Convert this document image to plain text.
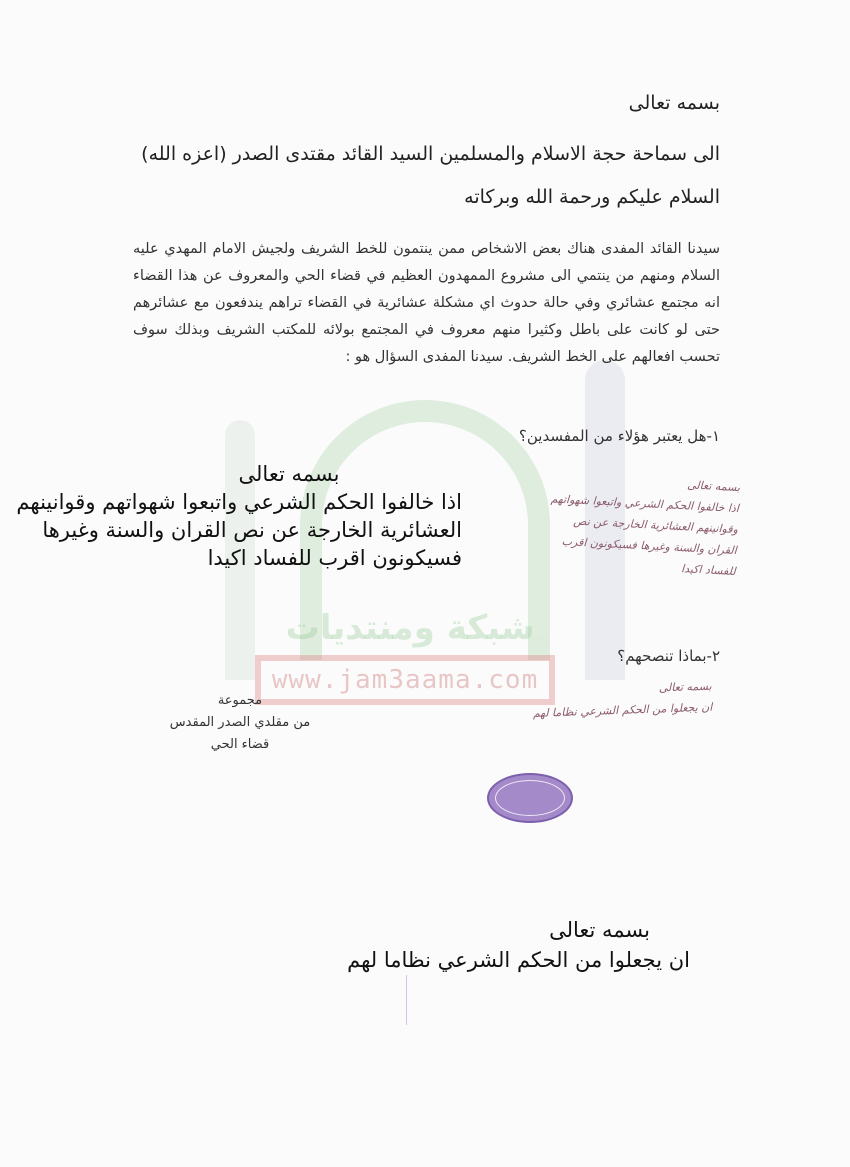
شبكة ومنتديات
www.jam3aama.com
بسمه تعالى
الى سماحة حجة الاسلام والمسلمين السيد القائد مقتدى الصدر (اعزه الله)
السلام عليكم ورحمة الله وبركاته
سيدنا القائد المفدى هناك بعض الاشخاص ممن ينتمون للخط الشريف ولجيش الامام المهدي عليه السلام ومنهم من ينتمي الى مشروع الممهدون العظيم في قضاء الحي والمعروف عن هذا القضاء انه مجتمع عشائري وفي حالة حدوث اي مشكلة عشائرية في القضاء تراهم يندفعون مع عشائرهم حتى لو كانت على باطل وكثيرا منهم معروف في المجتمع بولائه للمكتب الشريف وبذلك سوف تحسب افعالهم على الخط الشريف. سيدنا المفدى السؤال هو :
١-هل يعتبر هؤلاء من المفسدين؟
بسمه تعالى
اذا خالفوا الحكم الشرعي واتبعوا شهواتهم وقوانينهم العشائرية الخارجة عن نص القران والسنة وغيرها فسيكونون اقرب للفساد اكيدا
بسمه تعالى
اذا خالفوا الحكم الشرعي واتبعوا شهواتهم
وقوانينهم العشائرية الخارجة عن نص
القران والسنة وغيرها فسيكونون اقرب
للفساد اكيدا
٢-بماذا تنصحهم؟
بسمه تعالى
ان يجعلوا من الحكم الشرعي نظاما لهم
مجموعة
من مقلدي الصدر المقدس
قضاء الحي
بسمه تعالى
ان يجعلوا من الحكم الشرعي نظاما لهم
